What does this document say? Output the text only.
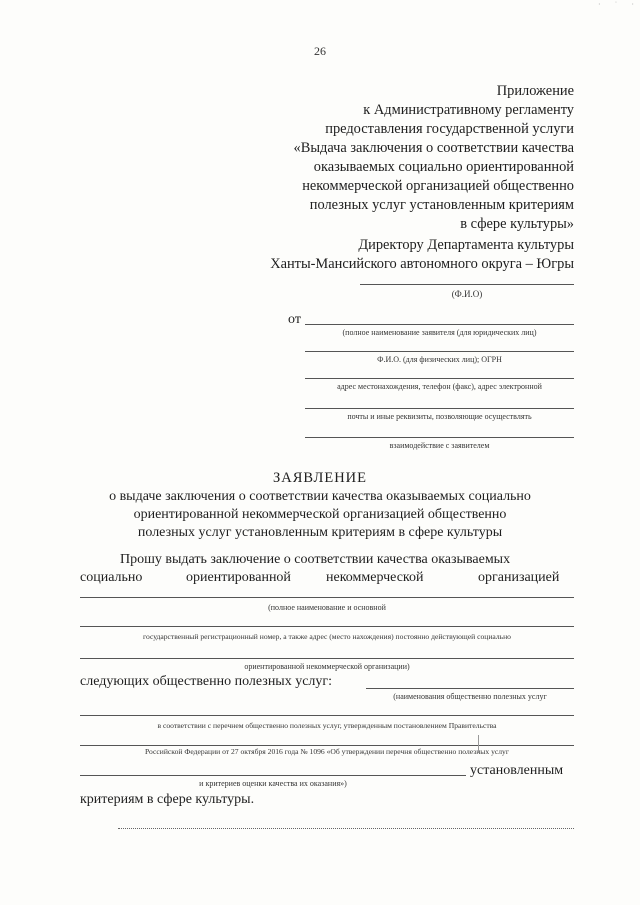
· ˙ ·
26
Приложение
к Административному регламенту
предоставления государственной услуги
«Выдача заключения о соответствии качества
оказываемых социально ориентированной
некоммерческой организацией общественно
полезных услуг установленным критериям
в сфере культуры»
Директору Департамента культуры
Ханты-Мансийского автономного округа – Югры
(Ф.И.О)
от
(полное наименование заявителя (для юридических лиц)
Ф.И.О. (для физических лиц); ОГРН
адрес местонахождения, телефон (факс), адрес электронной
почты и иные реквизиты, позволяющие осуществлять
взаимодействие с заявителем
ЗАЯВЛЕНИЕ
о выдаче заключения о соответствии качества оказываемых социально
ориентированной некоммерческой организацией общественно
полезных услуг установленным критериям в сфере культуры
Прошу выдать заключение о соответствии качества оказываемых
социально	ориентированной	некоммерческой	организацией
(полное наименование и основной
государственный регистрационный номер, а также адрес (место нахождения) постоянно действующей социально
ориентированной некоммерческой организации)
следующих общественно полезных услуг:
(наименования общественно полезных услуг
в соответствии с перечнем общественно полезных услуг, утвержденным постановлением Правительства
Российской Федерации от 27 октября 2016 года № 1096 «Об утверждении перечня общественно полезных услуг
установленным
и критериев оценки качества их оказания»)
критериям в сфере культуры.
